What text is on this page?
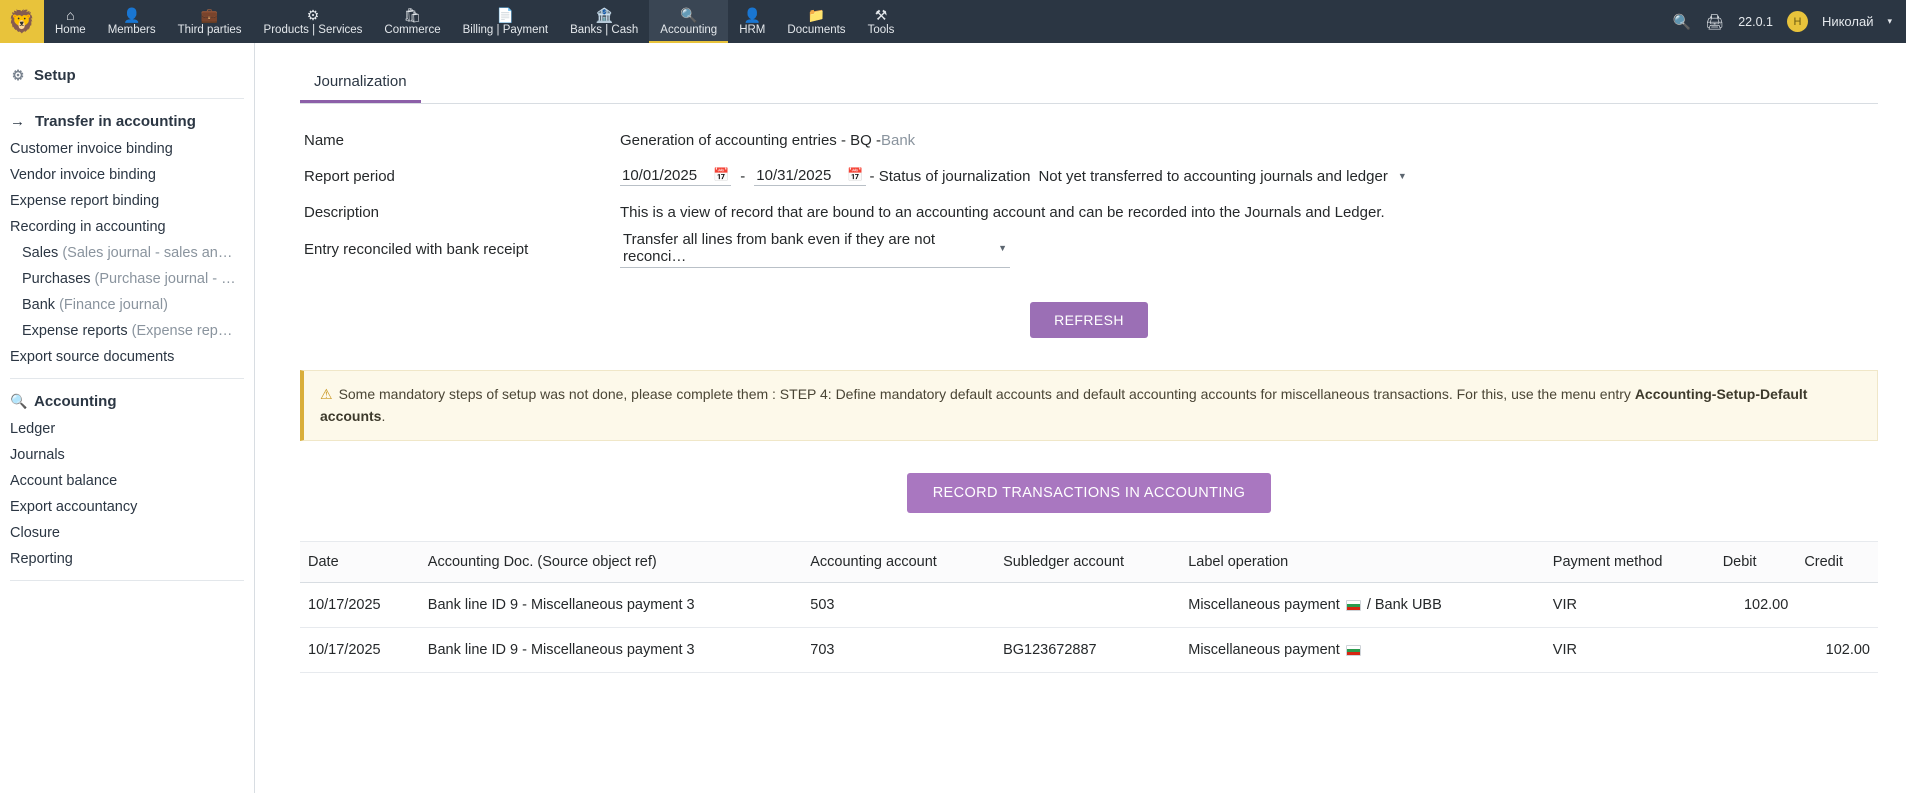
🦁 ⌂
Home
👤
Members
💼
Third parties
⚙
Products | Services
🛍
Commerce
📄
Billing | Payment
🏦
Banks | Cash
🔍
Accounting
👤
HRM
📁
Documents
⚒
Tools	🔍 🖨 22.0.1	Н	Николай ▾
⚙ Setup
→ Transfer in accounting
Customer invoice binding
Vendor invoice binding
Expense report binding
Recording in accounting
Sales (Sales journal - sales an…
Purchases (Purchase journal - …
Bank (Finance journal)
Expense reports (Expense rep…
Export source documents
🔍 Accounting
Ledger
Journals
Account balance
Export accountancy
Closure
Reporting
Journalization
Name	Generation of accounting entries - BQ - Bank
Report period	10/01/2025 📅 - 10/31/2025 📅 - Status of journalization Not yet transferred to accounting journals and ledger ▼
Description	This is a view of record that are bound to an accounting account and can be recorded into the Journals and Ledger.
Entry reconciled with bank receipt
Transfer all lines from bank even if they are not reconci…	▼
REFRESH
⚠ Some mandatory steps of setup was not done, please complete them : STEP 4: Define mandatory default accounts and default accounting accounts for miscellaneous transactions. For this, use the menu entry Accounting-Setup-Default accounts.
RECORD TRANSACTIONS IN ACCOUNTING
Date	Accounting Doc. (Source object ref)	Accounting account	Subledger account	Label operation	Payment method	Debit	Credit
10/17/2025	Bank line ID 9 - Miscellaneous payment 3	503		Miscellaneous payment  / Bank UBB	VIR	102.00	
10/17/2025	Bank line ID 9 - Miscellaneous payment 3	703	BG123672887	Miscellaneous payment	VIR		102.00
